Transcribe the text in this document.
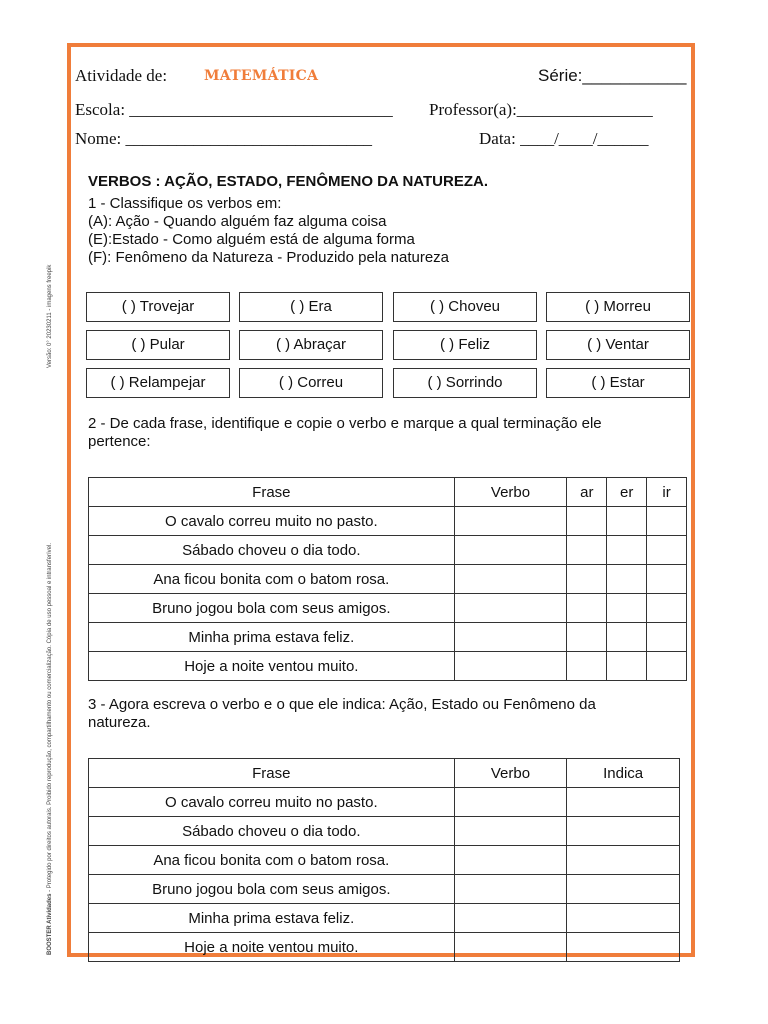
Versão: 0° 20230211 - imagens freepik
BOOSTER Atividades - Protegido por direitos autorais. Proibido reprodução, compartilhamento ou comercialização. Cópia de uso pessoal e intransferível.
Atividade de:	MATEMÁTICA	Série:___________
Escola: _______________________________ Professor(a):________________
Nome: _____________________________	Data: ____/____/______
VERBOS : AÇÃO, ESTADO, FENÔMENO DA NATUREZA.
1 - Classifique os verbos em:
(A): Ação - Quando alguém faz alguma coisa
(E):Estado - Como alguém está de alguma forma
(F): Fenômeno da Natureza - Produzido pela natureza
( ) Trovejar	( ) Era	( ) Choveu	( ) Morreu
( ) Pular	( ) Abraçar	( ) Feliz	( ) Ventar
( ) Relampejar	( ) Correu	( ) Sorrindo	( ) Estar
2 - De cada frase, identifique e copie o verbo e marque a qual terminação ele
pertence:
Frase	Verbo	ar	er	ir
O cavalo correu muito no pasto.				
Sábado choveu o dia todo.				
Ana ficou bonita com o batom rosa.				
Bruno jogou bola com seus amigos.				
Minha prima estava feliz.				
Hoje a noite ventou muito.				
3 - Agora escreva o verbo e o que ele indica: Ação, Estado ou Fenômeno da
natureza.
Frase	Verbo	Indica
O cavalo correu muito no pasto.		
Sábado choveu o dia todo.		
Ana ficou bonita com o batom rosa.		
Bruno jogou bola com seus amigos.		
Minha prima estava feliz.		
Hoje a noite ventou muito.		
